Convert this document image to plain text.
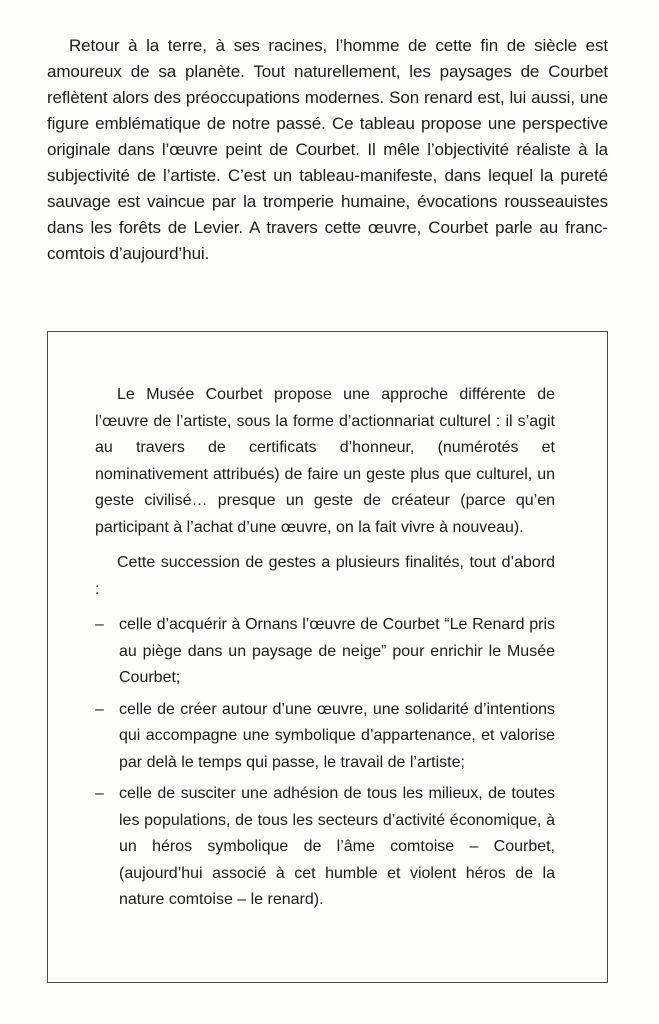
Retour à la terre, à ses racines, l’homme de cette fin de siècle est amoureux de sa planète. Tout naturellement, les paysages de Courbet reflètent alors des préoccupations modernes. Son renard est, lui aussi, une figure emblématique de notre passé. Ce tableau propose une perspective originale dans l’œuvre peint de Courbet. Il mêle l’objectivité réaliste à la subjectivité de l’artiste. C’est un tableau-manifeste, dans lequel la pureté sauvage est vaincue par la tromperie humaine, évocations rousseauistes dans les forêts de Levier. A travers cette œuvre, Courbet parle au franc-comtois d’aujourd’hui.

Le Musée Courbet propose une approche différente de l’œuvre de l’artiste, sous la forme d’actionnariat culturel : il s’agit au travers de certificats d’honneur, (numérotés et nominativement attribués) de faire un geste plus que culturel, un geste civilisé… presque un geste de créateur (parce qu’en participant à l’achat d’une œuvre, on la fait vivre à nouveau).

Cette succession de gestes a plusieurs finalités, tout d’abord :

– celle d’acquérir à Ornans l’œuvre de Courbet “Le Renard pris au piège dans un paysage de neige” pour enrichir le Musée Courbet;
– celle de créer autour d’une œuvre, une solidarité d’intentions qui accompagne une symbolique d’appartenance, et valorise par delà le temps qui passe, le travail de l’artiste;
– celle de susciter une adhésion de tous les milieux, de toutes les populations, de tous les secteurs d’activité économique, à un héros symbolique de l’âme comtoise – Courbet, (aujourd’hui associé à cet humble et violent héros de la nature comtoise – le renard).
